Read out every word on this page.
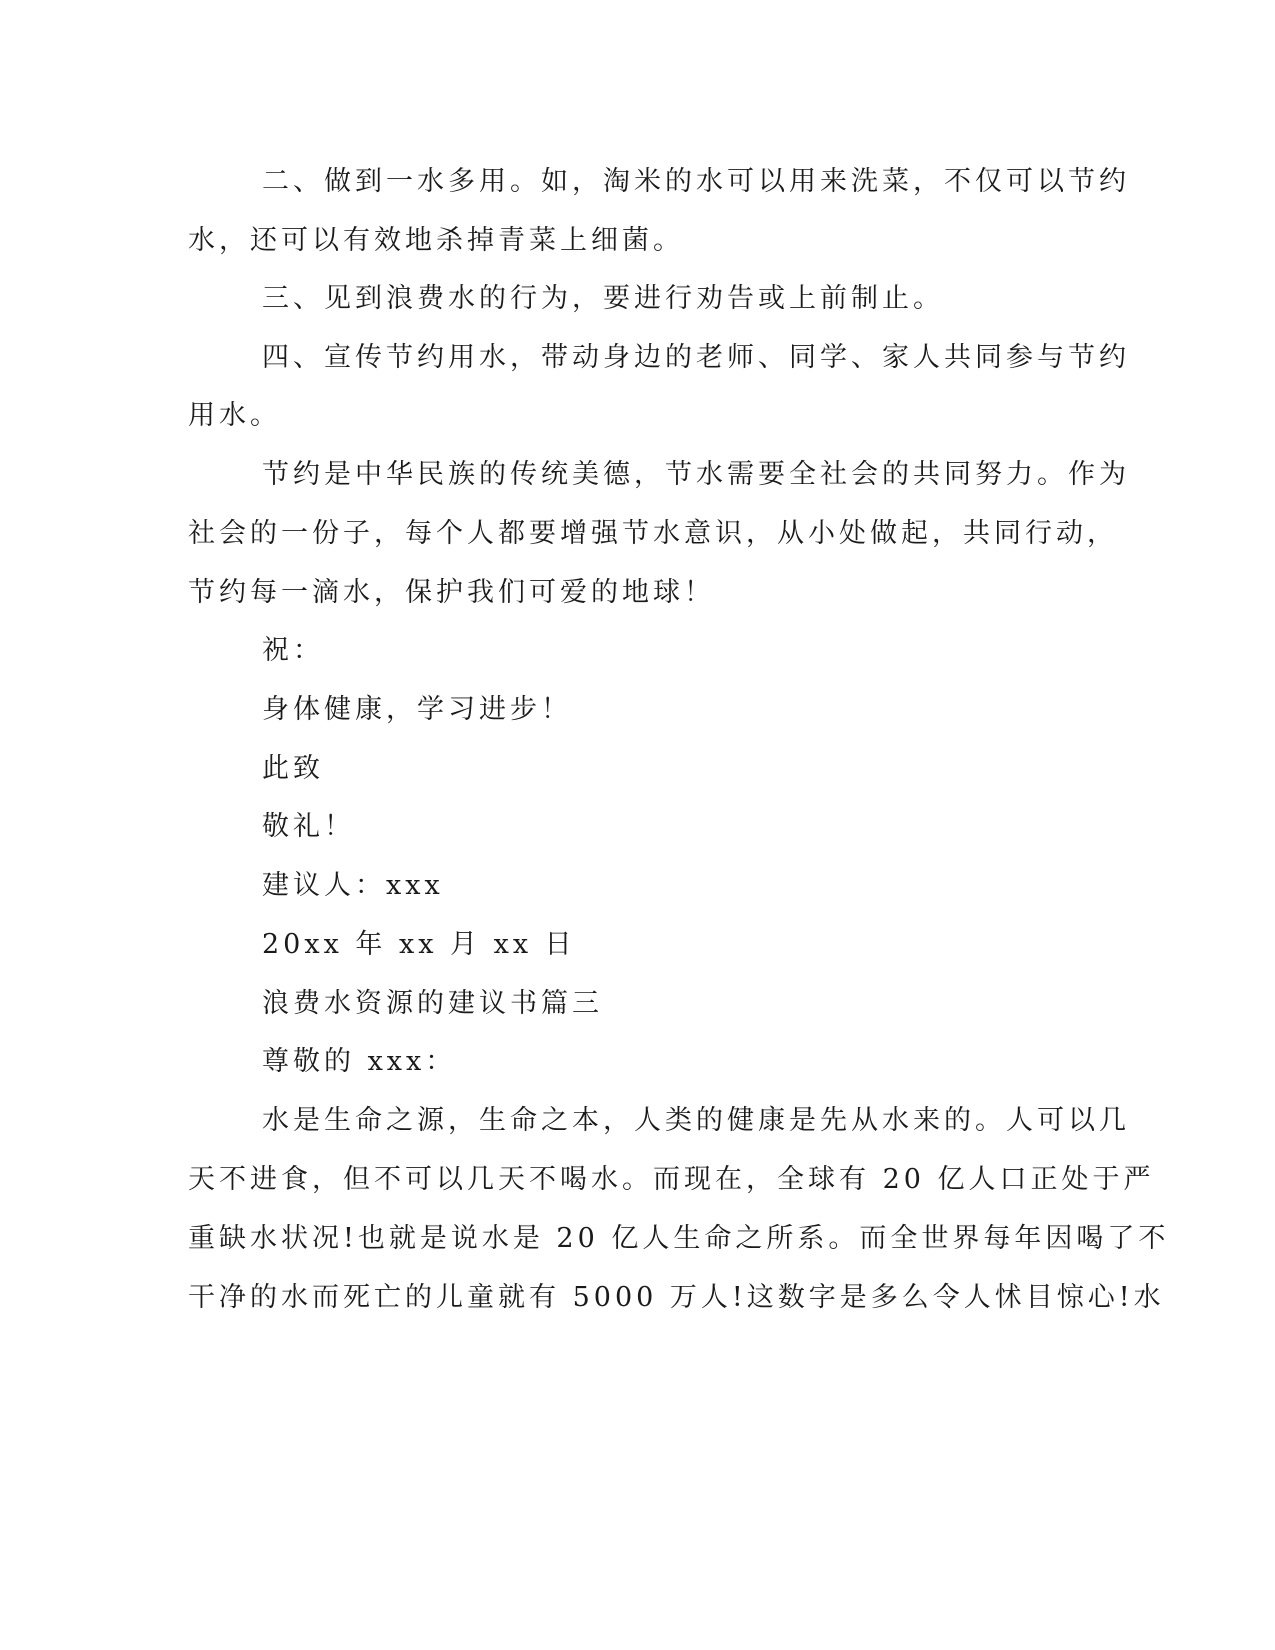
二、做到一水多用。如，淘米的水可以用来洗菜，不仅可以节约
水，还可以有效地杀掉青菜上细菌。
三、见到浪费水的行为，要进行劝告或上前制止。
四、宣传节约用水，带动身边的老师、同学、家人共同参与节约
用水。
节约是中华民族的传统美德，节水需要全社会的共同努力。作为
社会的一份子，每个人都要增强节水意识，从小处做起，共同行动，
节约每一滴水，保护我们可爱的地球！
祝：
身体健康，学习进步！
此致
敬礼！
建议人：xxx
20xx 年 xx 月 xx 日
浪费水资源的建议书篇三
尊敬的 xxx：
水是生命之源，生命之本，人类的健康是先从水来的。人可以几
天不进食，但不可以几天不喝水。而现在，全球有 20 亿人口正处于严
重缺水状况!也就是说水是 20 亿人生命之所系。而全世界每年因喝了不
干净的水而死亡的儿童就有 5000 万人!这数字是多么令人怵目惊心!水
